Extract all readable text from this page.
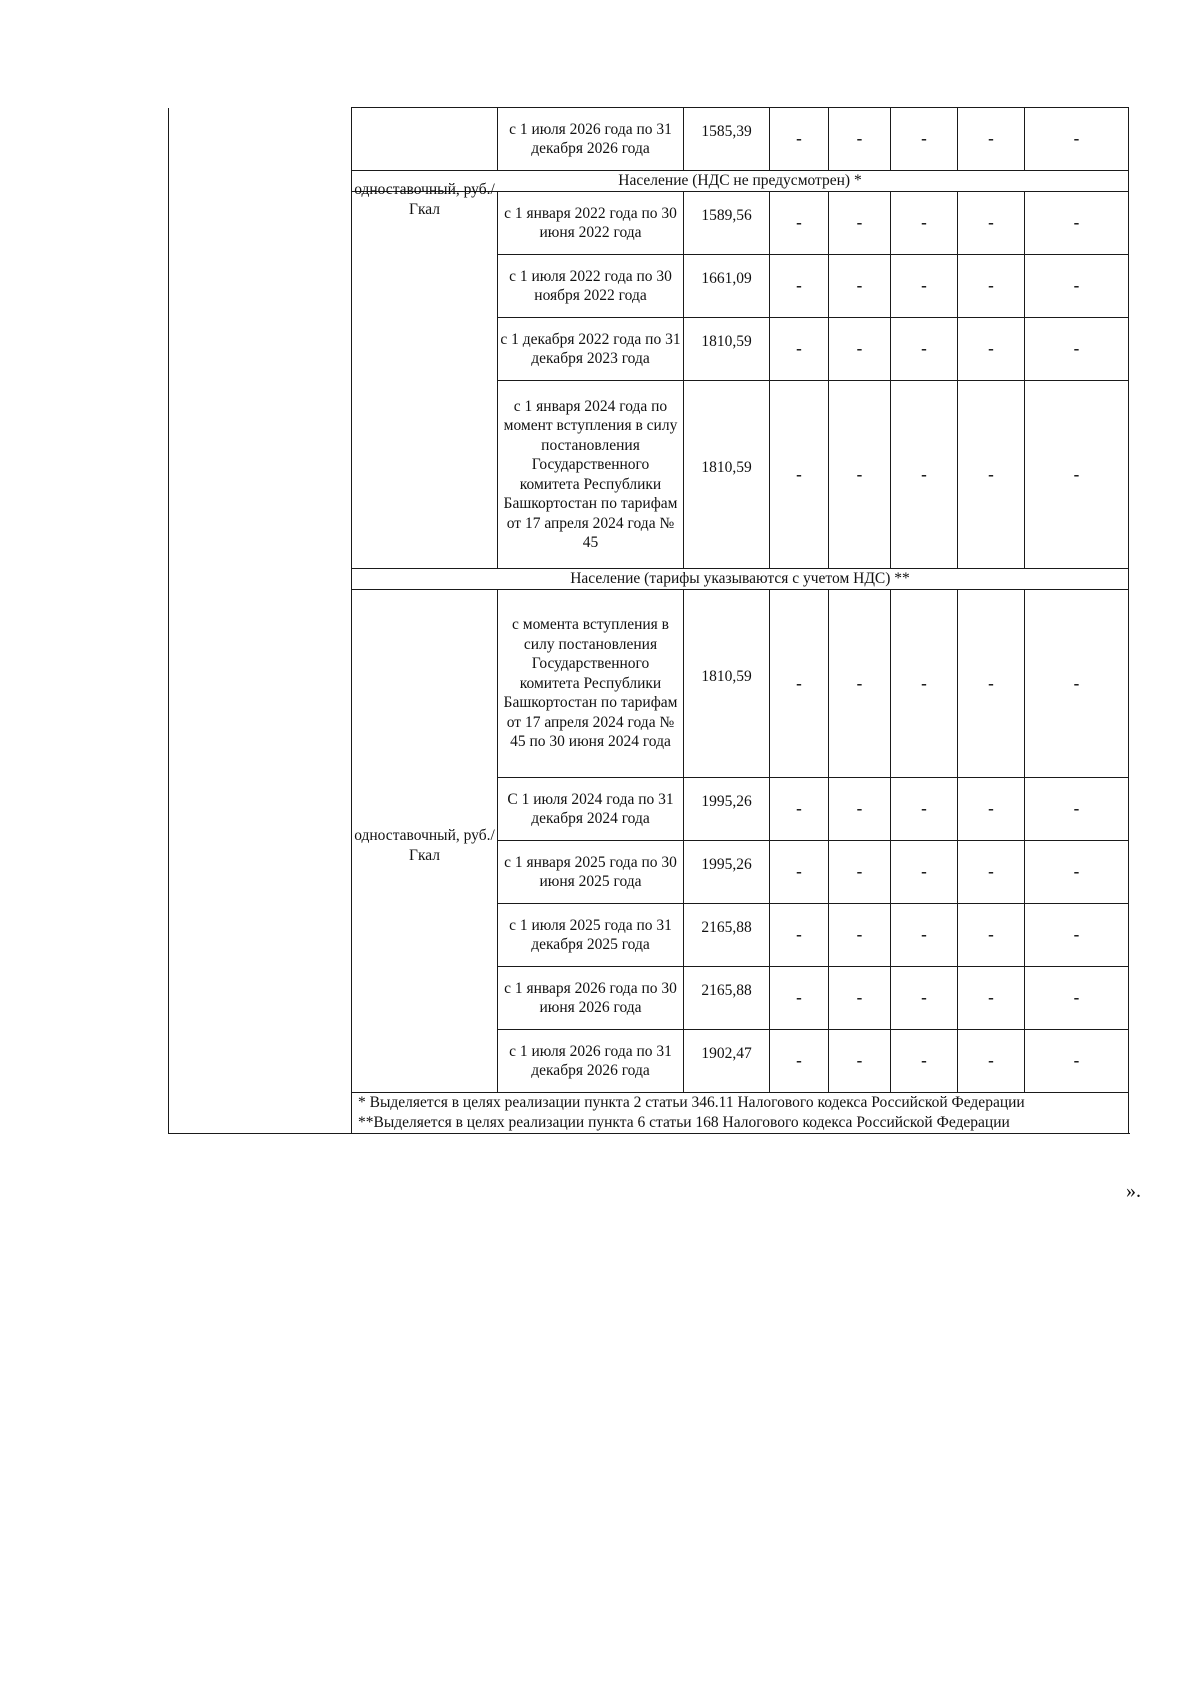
		с 1 июля 2026 года по 31 декабря 2026 года	1585,39	-	-	-	-	-
	Население (НДС не предусмотрен) *							

	одноставочный, руб./Гкал	с 1 января 2022 года по 30 июня 2022 года	1589,56	-	-	-	-	-
		с 1 июля 2022 года по 30 ноября 2022 года	1661,09	-	-	-	-	-
		с 1 декабря 2022 года по 31 декабря 2023 года	1810,59	-	-	-	-	-
		с 1 января 2024 года по момент вступления в силу постановления Государственного комитета Республики Башкортостан по тарифам от 17 апреля 2024 года № 45	1810,59	-	-	-	-	-
	Население (тарифы указываются с учетом НДС) **							

	одноставочный, руб./Гкал	с момента вступления в силу постановления Государственного комитета Республики Башкортостан по тарифам от 17 апреля 2024 года № 45 по 30 июня 2024 года	1810,59	-	-	-	-	-
		С 1 июля 2024 года по 31 декабря 2024 года	1995,26	-	-	-	-	-
		с 1 января 2025 года по 30 июня 2025 года	1995,26	-	-	-	-	-
		с 1 июля 2025 года по 31 декабря 2025 года	2165,88	-	-	-	-	-
		с 1 января 2026 года по 30 июня 2026 года	2165,88	-	-	-	-	-
		с 1 июля 2026 года по 31 декабря 2026 года	1902,47	-	-	-	-	-

	* Выделяется в целях реализации пункта 2 статьи 346.11 Налогового кодекса Российской Федерации
**Выделяется в целях реализации пункта 6 статьи 168 Налогового кодекса Российской Федерации							
».
